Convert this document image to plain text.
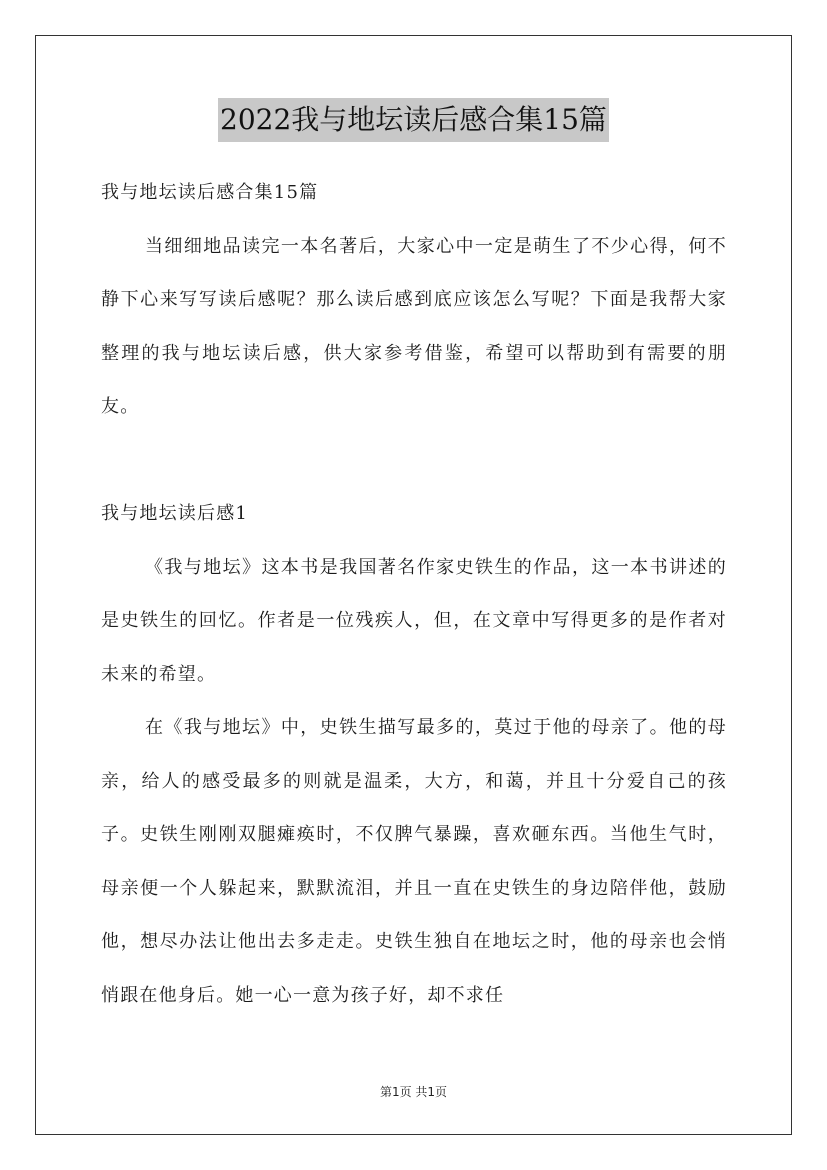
2022我与地坛读后感合集15篇

我与地坛读后感合集15篇

当细细地品读完一本名著后，大家心中一定是萌生了不少心得，何不静下心来写写读后感呢？那么读后感到底应该怎么写呢？下面是我帮大家整理的我与地坛读后感，供大家参考借鉴，希望可以帮助到有需要的朋友。

我与地坛读后感1

《我与地坛》这本书是我国著名作家史铁生的作品，这一本书讲述的是史铁生的回忆。作者是一位残疾人，但，在文章中写得更多的是作者对未来的希望。

在《我与地坛》中，史铁生描写最多的，莫过于他的母亲了。他的母亲，给人的感受最多的则就是温柔，大方，和蔼，并且十分爱自己的孩子。史铁生刚刚双腿瘫痪时，不仅脾气暴躁，喜欢砸东西。当他生气时，母亲便一个人躲起来，默默流泪，并且一直在史铁生的身边陪伴他，鼓励他，想尽办法让他出去多走走。史铁生独自在地坛之时，他的母亲也会悄悄跟在他身后。她一心一意为孩子好，却不求任

第1页 共1页
